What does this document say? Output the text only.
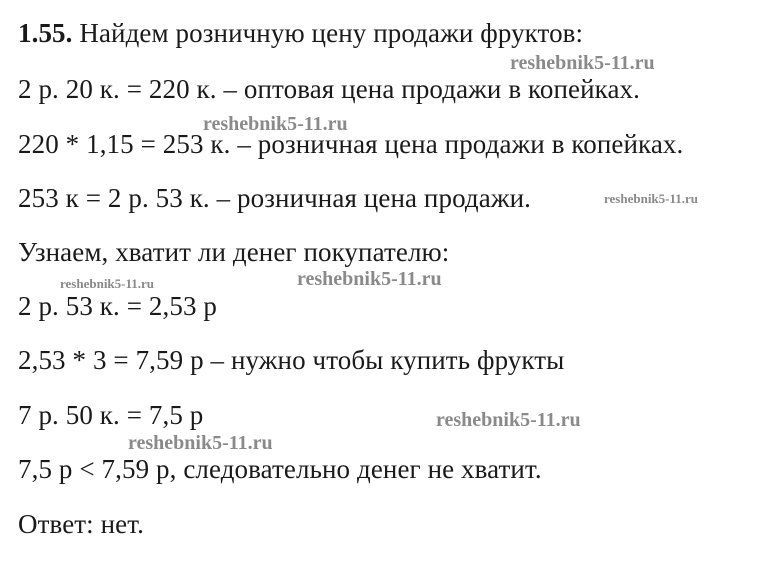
1.55. Найдем розничную цену продажи фруктов:
2 р. 20 к. = 220 к. – оптовая цена продажи в копейках.
220 * 1,15 = 253 к. – розничная цена продажи в копейках.
253 к = 2 р. 53 к. – розничная цена продажи.
Узнаем, хватит ли денег покупателю:
2 р. 53 к. = 2,53 р
2,53 * 3 = 7,59 р – нужно чтобы купить фрукты
7 р. 50 к. = 7,5 р
7,5 р < 7,59 р, следовательно денег не хватит.
Ответ: нет.
reshebnik5-11.ru
reshebnik5-11.ru
reshebnik5-11.ru
reshebnik5-11.ru	reshebnik5-11.ru
reshebnik5-11.ru
reshebnik5-11.ru
